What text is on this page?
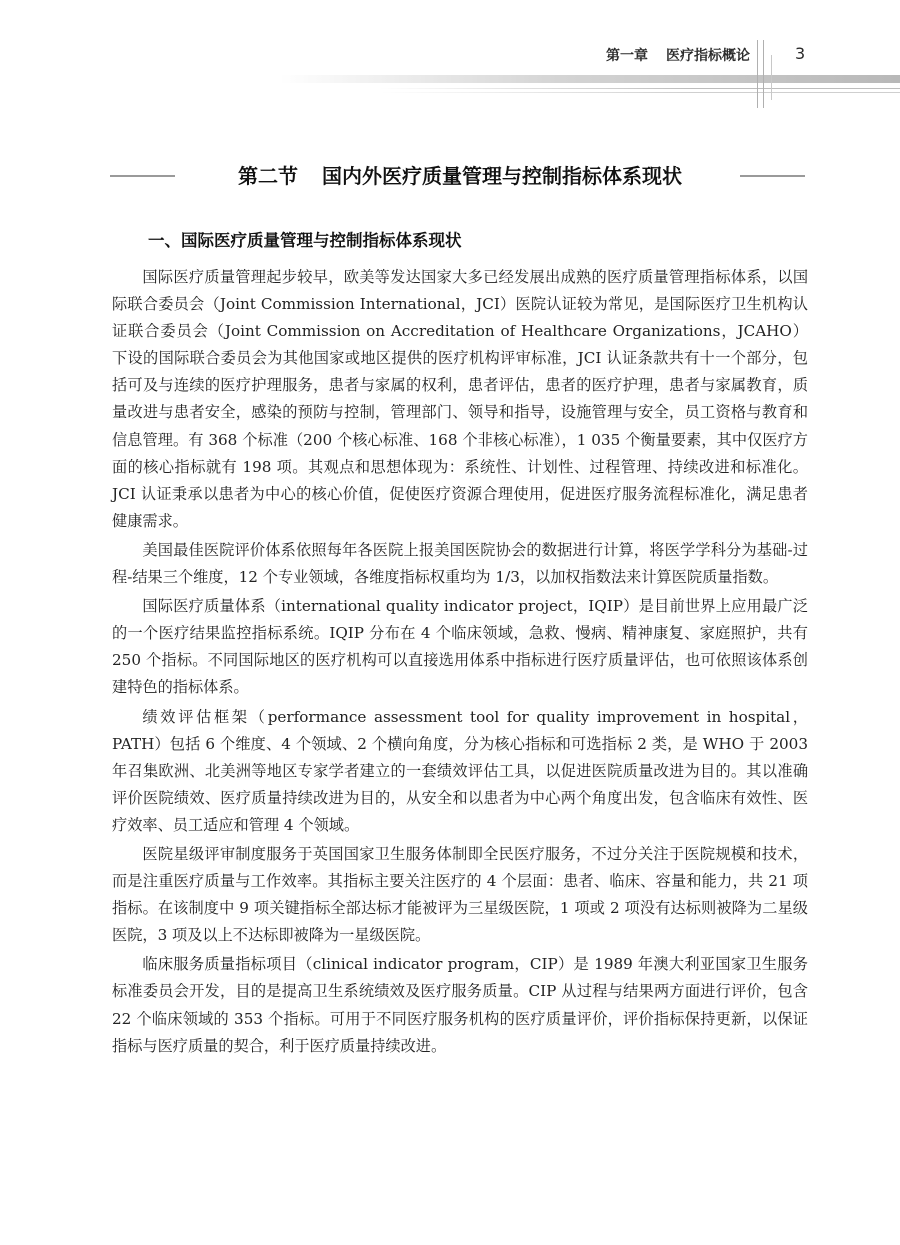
第一章 医疗指标概论	3
第二节 国内外医疗质量管理与控制指标体系现状
一、国际医疗质量管理与控制指标体系现状

国际医疗质量管理起步较早，欧美等发达国家大多已经发展出成熟的医疗质量管理指标体系，以国际联合委员会（Joint Commission International，JCI）医院认证较为常见，是国际医疗卫生机构认证联合委员会（Joint Commission on Accreditation of Healthcare Organizations，JCAHO）下设的国际联合委员会为其他国家或地区提供的医疗机构评审标准，JCI 认证条款共有十一个部分，包括可及与连续的医疗护理服务，患者与家属的权利，患者评估，患者的医疗护理，患者与家属教育，质量改进与患者安全，感染的预防与控制，管理部门、领导和指导，设施管理与安全，员工资格与教育和信息管理。有 368 个标准（200 个核心标准、168 个非核心标准），1 035 个衡量要素，其中仅医疗方面的核心指标就有 198 项。其观点和思想体现为：系统性、计划性、过程管理、持续改进和标准化。JCI 认证秉承以患者为中心的核心价值，促使医疗资源合理使用，促进医疗服务流程标准化，满足患者健康需求。

美国最佳医院评价体系依照每年各医院上报美国医院协会的数据进行计算，将医学学科分为基础-过程-结果三个维度，12 个专业领域，各维度指标权重均为 1/3，以加权指数法来计算医院质量指数。

国际医疗质量体系（international quality indicator project，IQIP）是目前世界上应用最广泛的一个医疗结果监控指标系统。IQIP 分布在 4 个临床领域，急救、慢病、精神康复、家庭照护，共有 250 个指标。不同国际地区的医疗机构可以直接选用体系中指标进行医疗质量评估，也可依照该体系创建特色的指标体系。

绩效评估框架（performance assessment tool for quality improvement in hospital，PATH）包括 6 个维度、4 个领域、2 个横向角度，分为核心指标和可选指标 2 类，是 WHO 于 2003 年召集欧洲、北美洲等地区专家学者建立的一套绩效评估工具，以促进医院质量改进为目的。其以准确评价医院绩效、医疗质量持续改进为目的，从安全和以患者为中心两个角度出发，包含临床有效性、医疗效率、员工适应和管理 4 个领域。

医院星级评审制度服务于英国国家卫生服务体制即全民医疗服务，不过分关注于医院规模和技术，而是注重医疗质量与工作效率。其指标主要关注医疗的 4 个层面：患者、临床、容量和能力，共 21 项指标。在该制度中 9 项关键指标全部达标才能被评为三星级医院，1 项或 2 项没有达标则被降为二星级医院，3 项及以上不达标即被降为一星级医院。

临床服务质量指标项目（clinical indicator program，CIP）是 1989 年澳大利亚国家卫生服务标准委员会开发，目的是提高卫生系统绩效及医疗服务质量。CIP 从过程与结果两方面进行评价，包含 22 个临床领域的 353 个指标。可用于不同医疗服务机构的医疗质量评价，评价指标保持更新，以保证指标与医疗质量的契合，利于医疗质量持续改进。
